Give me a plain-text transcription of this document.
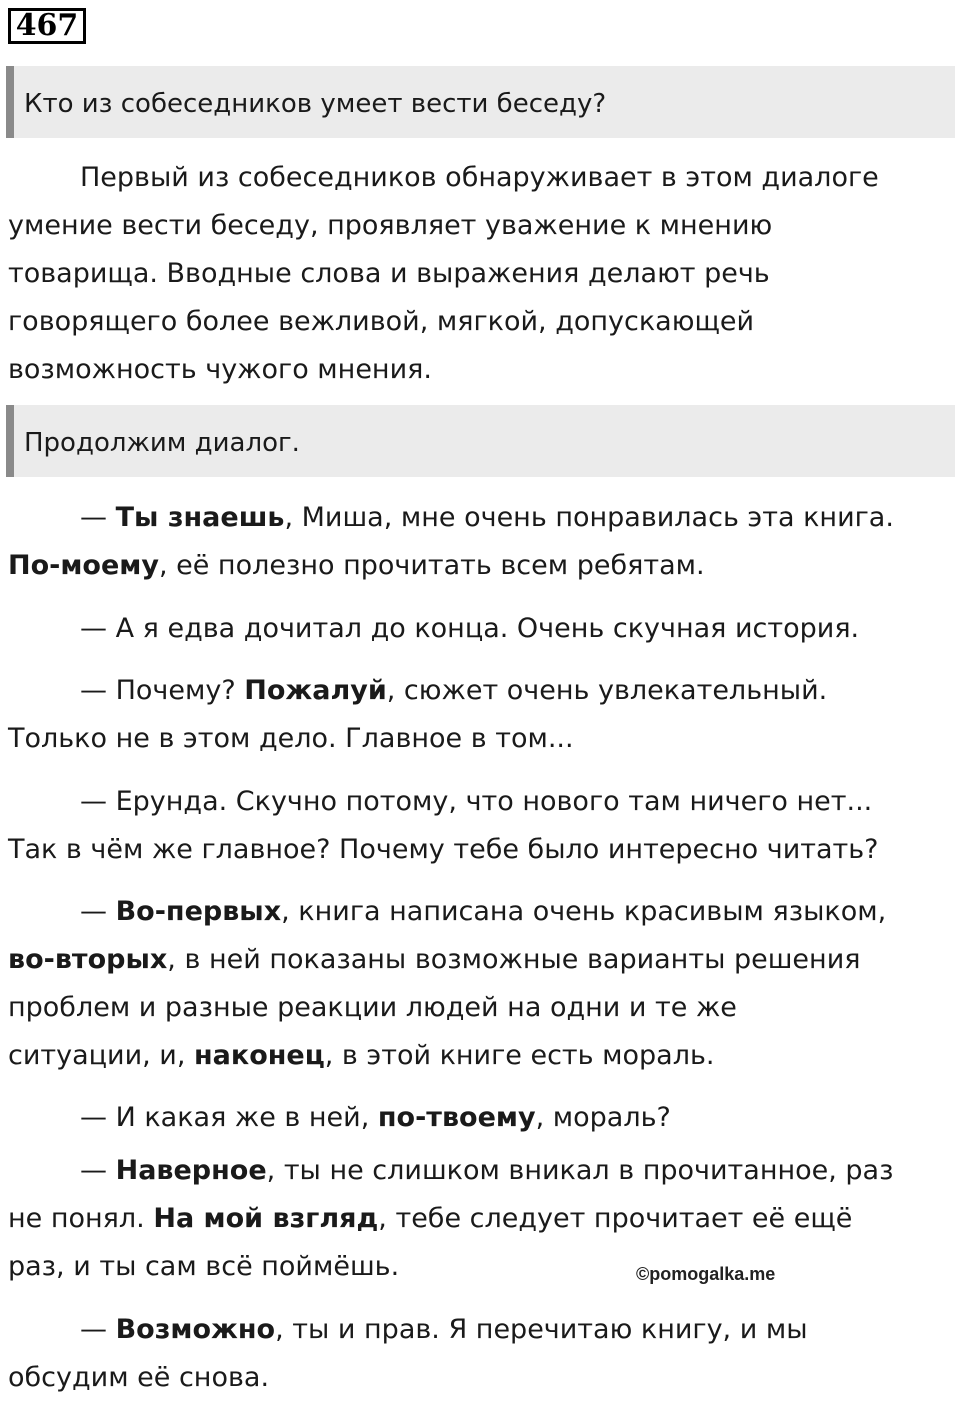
467
Кто из собеседников умеет вести беседу?

Первый из собеседников обнаруживает в этом диалоге
умение вести беседу, проявляет уважение к мнению
товарища. Вводные слова и выражения делают речь
говорящего более вежливой, мягкой, допускающей
возможность чужого мнения.

Продолжим диалог.

— Ты знаешь, Миша, мне очень понравилась эта книга.
По-моему, её полезно прочитать всем ребятам.

— А я едва дочитал до конца. Очень скучная история.

— Почему? Пожалуй, сюжет очень увлекательный.
Только не в этом дело. Главное в том...

— Ерунда. Скучно потому, что нового там ничего нет...
Так в чём же главное? Почему тебе было интересно читать?

— Во-первых, книга написана очень красивым языком,
во-вторых, в ней показаны возможные варианты решения
проблем и разные реакции людей на одни и те же
ситуации, и, наконец, в этой книге есть мораль.

— И какая же в ней, по-твоему, мораль?

— Наверное, ты не слишком вникал в прочитанное, раз
не понял. На мой взгляд, тебе следует прочитает её ещё
раз, и ты сам всё поймёшь.	©pomogalka.me

— Возможно, ты и прав. Я перечитаю книгу, и мы
обсудим её снова.
